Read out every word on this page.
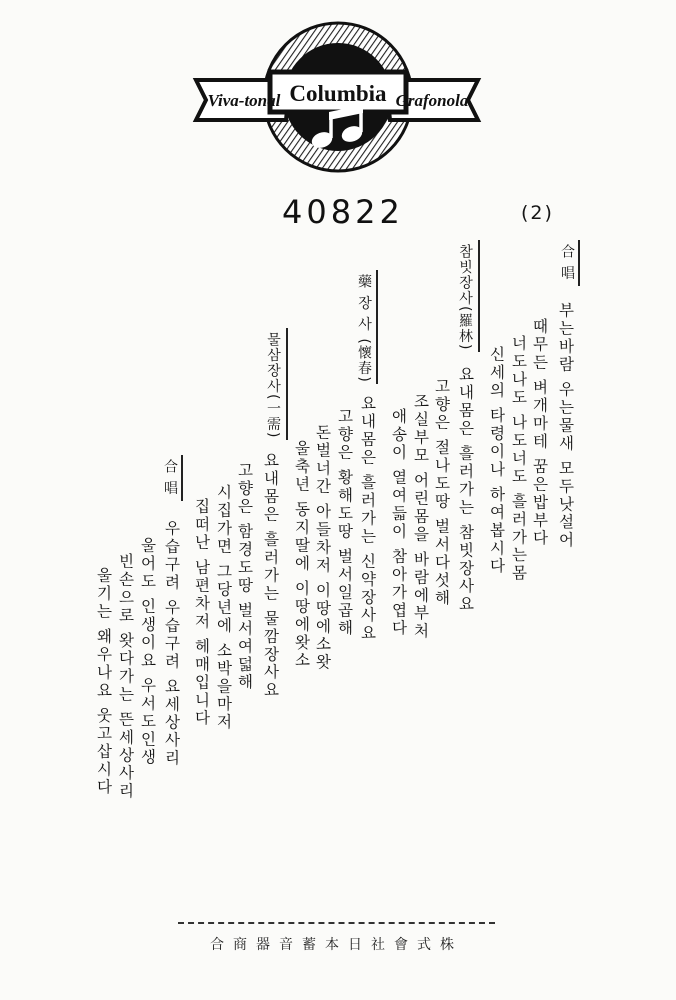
Viva-tonal Columbia Grafonola
40822	(2)
合 唱
부는바람 우는물새 모두낫설어
때무든 벼개마테 꿈은밥부다
너도나도 나도너도 흘러가는몸
신세의 타령이나 하여봅시다
참빗장사(羅林)
요내몸은 흘러가는 참빗장사요
고향은 절나도땅 벌서다섯해
조실부모 어린몸을 바람에부처
애송이 열여듧이 참아가엽다
藥 장 사 (懷春)
요내몸은 흘러가는 신약장사요
고향은 황해도땅 벌서일곱해
돈벌너간 아들차저 이땅에소왓
울축년 동지딸에 이땅에왓소
물삼장사(一需)
요내몸은 흘러가는 물깜장사요
고향은 함경도땅 벌서여덟해
시집가면 그당년에 소박을마저
집떠난 남편차저 헤매입니다
合 唱
우습구려 우습구려 요세상사리
울어도 인생이요 우서도인생
빈손으로 왓다가는 뜬세상사리
울기는 왜우나요 웃고삽시다
合商器音蓄本日社會式株
